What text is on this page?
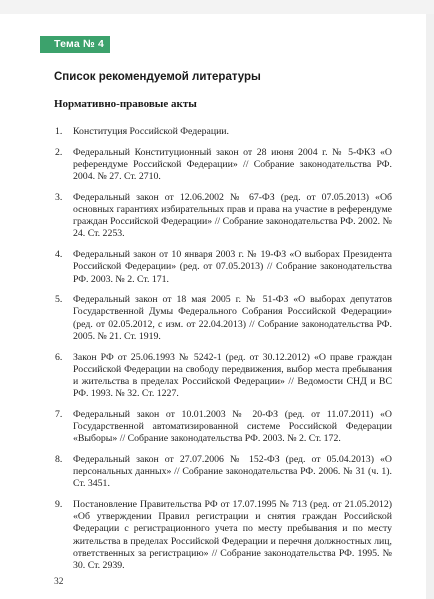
Тема № 4
Список рекомендуемой литературы
Нормативно-правовые акты
1. Конституция Российской Федерации.
2. Федеральный Конституционный закон от 28 июня 2004 г. № 5-ФКЗ «О референдуме Российской Федерации» // Собрание законодательства РФ. 2004. № 27. Ст. 2710.
3. Федеральный закон от 12.06.2002 № 67-ФЗ (ред. от 07.05.2013) «Об основных гарантиях избирательных прав и права на участие в референдуме граждан Российской Федерации» // Собрание законодательства РФ. 2002. № 24. Ст. 2253.
4. Федеральный закон от 10 января 2003 г. № 19-ФЗ «О выборах Президента Российской Федерации» (ред. от 07.05.2013) // Собрание законодательства РФ. 2003. № 2. Ст. 171.
5. Федеральный закон от 18 мая 2005 г. № 51-ФЗ «О выборах депутатов Государственной Думы Федерального Собрания Российской Федерации» (ред. от 02.05.2012, с изм. от 22.04.2013) // Собрание законодательства РФ. 2005. № 21. Ст. 1919.
6. Закон РФ от 25.06.1993 № 5242-1 (ред. от 30.12.2012) «О праве граждан Российской Федерации на свободу передвижения, выбор места пребывания и жительства в пределах Российской Федерации» // Ведомости СНД и ВС РФ. 1993. № 32. Ст. 1227.
7. Федеральный закон от 10.01.2003 № 20-ФЗ (ред. от 11.07.2011) «О Государственной автоматизированной системе Российской Федерации «Выборы» // Собрание законодательства РФ. 2003. № 2. Ст. 172.
8. Федеральный закон от 27.07.2006 № 152-ФЗ (ред. от 05.04.2013) «О персональных данных» // Собрание законодательства РФ. 2006. № 31 (ч. 1). Ст. 3451.
9. Постановление Правительства РФ от 17.07.1995 № 713 (ред. от 21.05.2012) «Об утверждении Правил регистрации и снятия граждан Российской Федерации с регистрационного учета по месту пребывания и по месту жительства в пределах Российской Федерации и перечня должностных лиц, ответственных за регистрацию» // Собрание законодательства РФ. 1995. № 30. Ст. 2939.
32
